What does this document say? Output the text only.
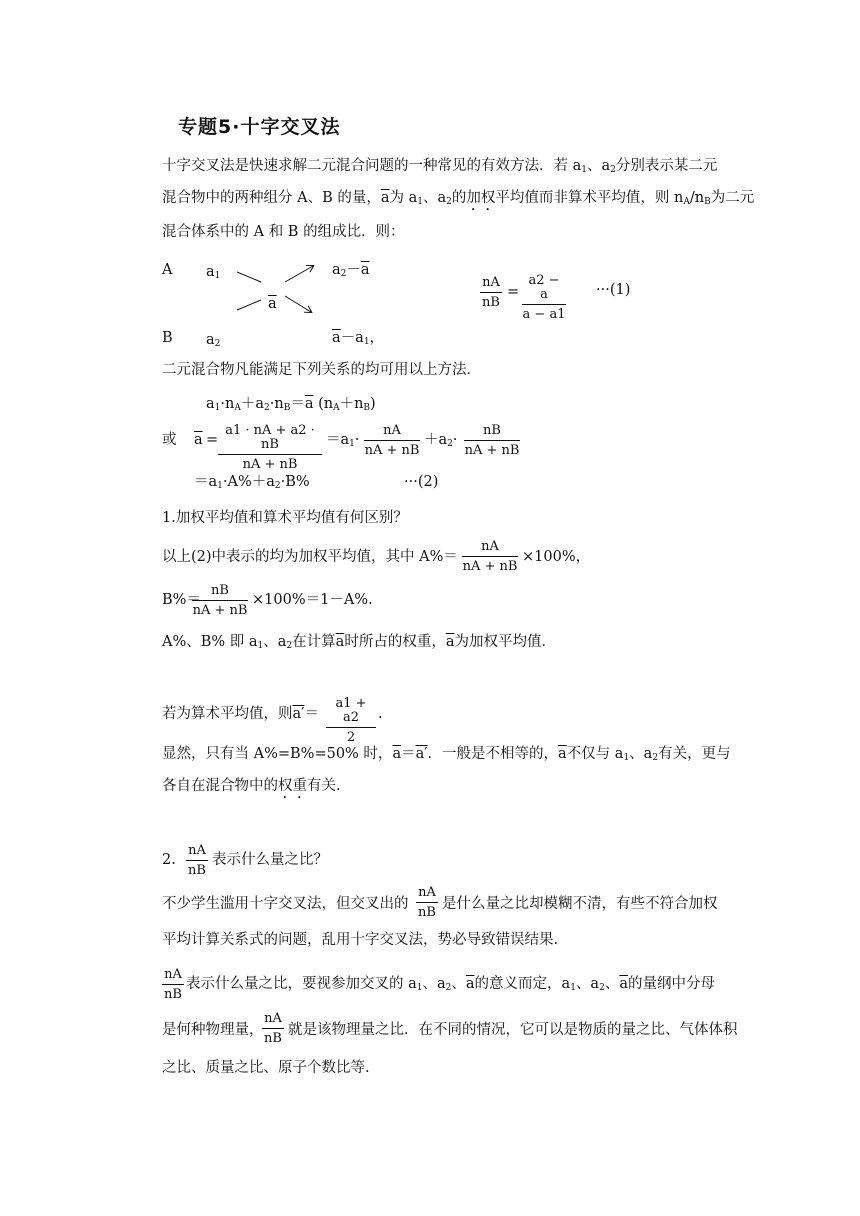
专题5·十字交叉法
十字交叉法是快速求解二元混合问题的一种常见的有效方法．若 $a_1$、$a_2$分别表示某二元
混合物中的两种组分 A、B 的量，$\overline{a}$为 $a_1$、$a_2$的加权平均值而非算术平均值，则 $n_A/n_B$为二元
混合体系中的 A 和 B 的组成比．则：
A
B
$a_1$
$a_2$
$\overline{a}$
$a_2-\overline{a}$
$\overline{a}-a_1$，
$\frac{nA}{nB} = \frac{a2 - a}{a - a1} \cdot\cdot\cdot(1)$
二元混合物凡能满足下列关系的均可用以上方法．
$a_1\cdot n_A+a_2\cdot n_B=\overline{a}$ $(n_A+n_B)$
或 $\overline{a} = \frac{a1 \cdot nA + a2 \cdot nB}{nA + nB} =a_1\cdot \frac{nA}{nA + nB} +a_2\cdot \frac{nB}{nA + nB}$
$=a_1\cdot A\%+a_2\cdot B\%$	···(2)
1.加权平均值和算术平均值有何区别？
以上(2)中表示的均为加权平均值，其中 $A\%= \frac{nA}{nA + nB} \times 100\%$，
B%＝
$\frac{nB}{nA + nB} \times 100\%=1-A\%$.
A%、B% 即 $a_1$、$a_2$在计算$\overline{a}$时所占的权重，$\overline{a}$为加权平均值．
若为算术平均值，则$a'= \frac{a1 + a2}{2}$ .
显然，只有当 A%=B%=50% 时，$\overline{a}=a'$．一般是不相等的，$\overline{a}$不仅与 $a_1$、$a_2$有关，更与
各自在混合物中的权重有关.
2. $\frac{nA}{nB}$ 表示什么量之比？
不少学生滥用十字交叉法，但交叉出的 $\frac{nA}{nB}$ 是什么量之比却模糊不清，有些不符合加权
平均计算关系式的问题，乱用十字交叉法，势必导致错误结果.
$\frac{nA}{nB}$ 表示什么量之比，要视参加交叉的 $a_1$、$a_2$、$\overline{a}$的意义而定，$a_1$、$a_2$、$\overline{a}$的量纲中分母
是何种物理量，
$\frac{nA}{nB}$ 就是该物理量之比．在不同的情况，它可以是物质的量之比、气体体积
之比、质量之比、原子个数比等.
